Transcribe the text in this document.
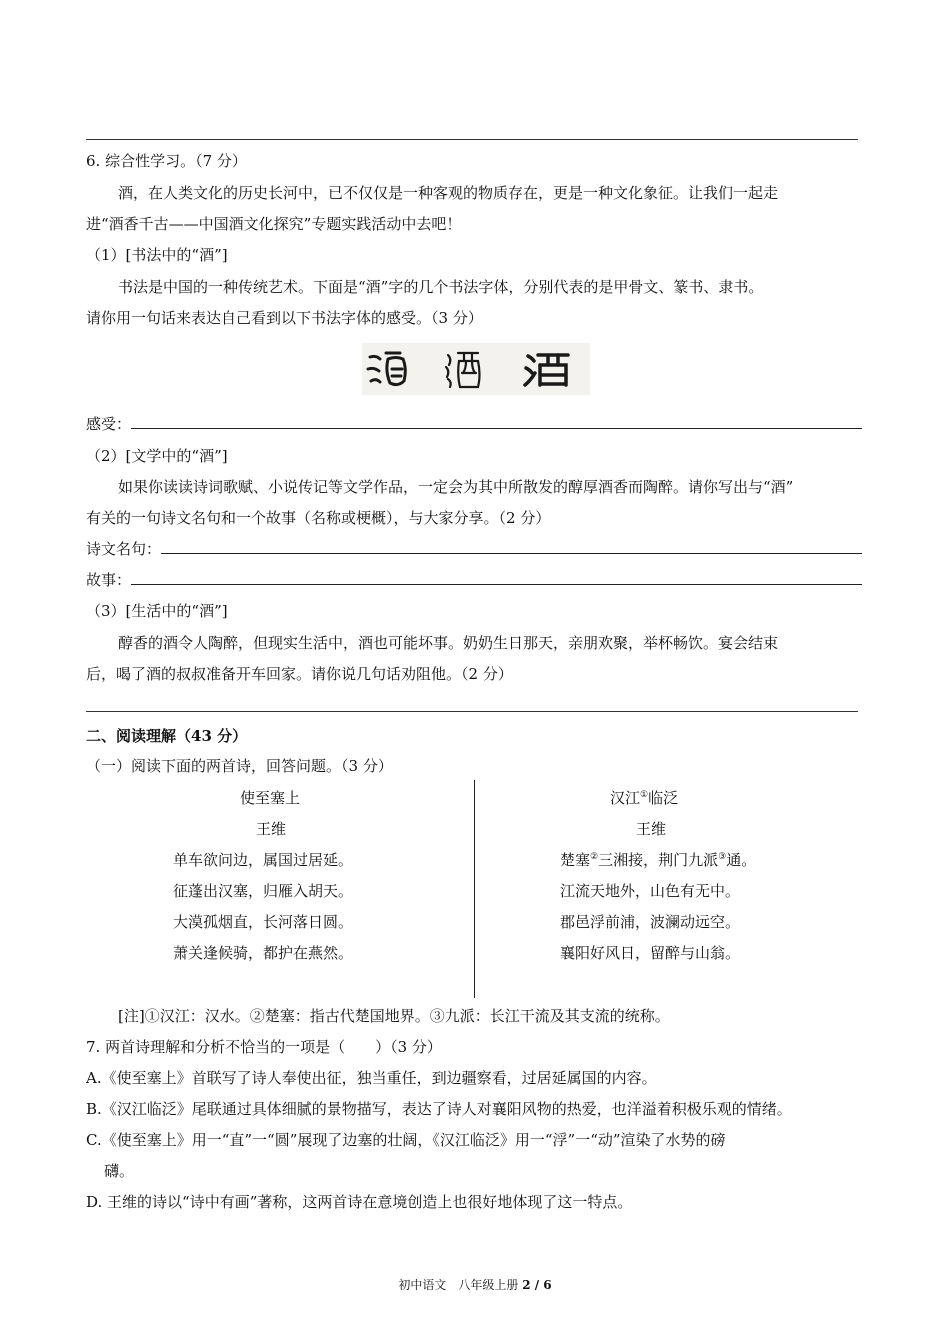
6. 综合性学习。（7 分）
酒，在人类文化的历史长河中，已不仅仅是一种客观的物质存在，更是一种文化象征。让我们一起走
进“酒香千古——中国酒文化探究”专题实践活动中去吧！
（1）[书法中的“酒”]
书法是中国的一种传统艺术。下面是“酒”字的几个书法字体，分别代表的是甲骨文、篆书、隶书。
请你用一句话来表达自己看到以下书法字体的感受。（3 分）
感受：
（2）[文学中的“酒”]
如果你读读诗词歌赋、小说传记等文学作品，一定会为其中所散发的醇厚酒香而陶醉。请你写出与“酒”
有关的一句诗文名句和一个故事（名称或梗概），与大家分享。（2 分）
诗文名句：
故事：
（3）[生活中的“酒”]
醇香的酒令人陶醉，但现实生活中，酒也可能坏事。奶奶生日那天，亲朋欢聚，举杯畅饮。宴会结束
后，喝了酒的叔叔准备开车回家。请你说几句话劝阻他。（2 分）
二、阅读理解（43 分）
（一）阅读下面的两首诗，回答问题。（3 分）
使至塞上
王维
单车欲问边，属国过居延。
征蓬出汉塞，归雁入胡天。
大漠孤烟直，长河落日圆。
萧关逢候骑，都护在燕然。
汉江①临泛
王维
楚塞②三湘接，荆门九派③通。
江流天地外，山色有无中。
郡邑浮前浦，波澜动远空。
襄阳好风日，留醉与山翁。
[注]①汉江：汉水。②楚塞：指古代楚国地界。③九派：长江干流及其支流的统称。
7. 两首诗理解和分析不恰当的一项是（　　）（3 分）
A.《使至塞上》首联写了诗人奉使出征，独当重任，到边疆察看，过居延属国的内容。
B.《汉江临泛》尾联通过具体细腻的景物描写，表达了诗人对襄阳风物的热爱，也洋溢着积极乐观的情绪。
C.《使至塞上》用一“直”一“圆”展现了边塞的壮阔，《汉江临泛》用一“浮”一“动”渲染了水势的磅
礴。
D. 王维的诗以“诗中有画”著称，这两首诗在意境创造上也很好地体现了这一特点。
初中语文　八年级上册 2 / 6
